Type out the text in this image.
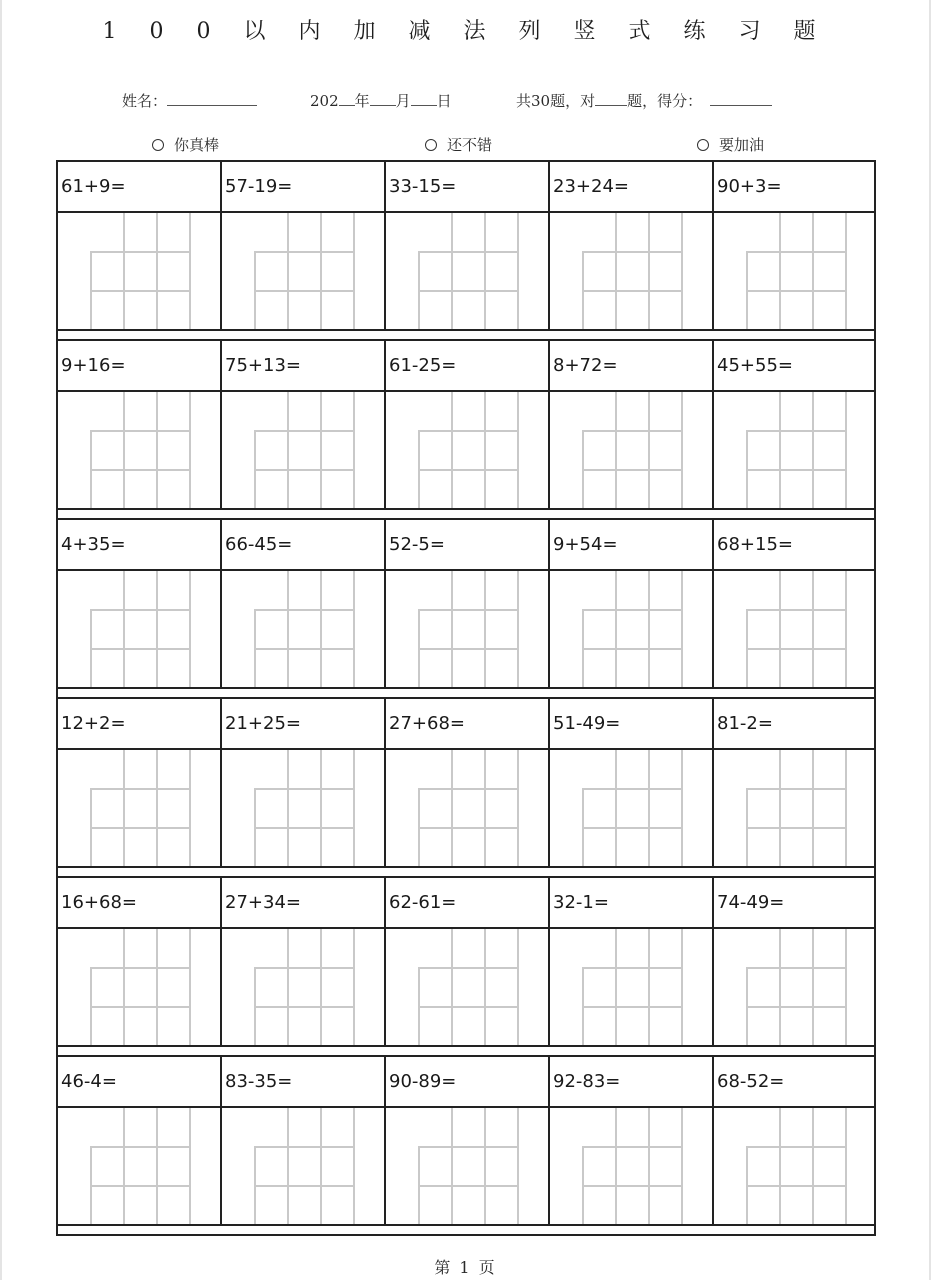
1 0 0 以 内 加 减 法 列 竖 式 练 习 题
姓名：	202 年 月 日	共30题，对 题，得分：
你真棒	还不错	要加油
61+9=	57-19=	33-15=	23+24=	90+3=
9+16=	75+13=	61-25=	8+72=	45+55=
4+35=	66-45=	52-5=	9+54=	68+15=
12+2=	21+25=	27+68=	51-49=	81-2=
16+68=	27+34=	62-61=	32-1=	74-49=
46-4=	83-35=	90-89=	92-83=	68-52=
第 1 页
